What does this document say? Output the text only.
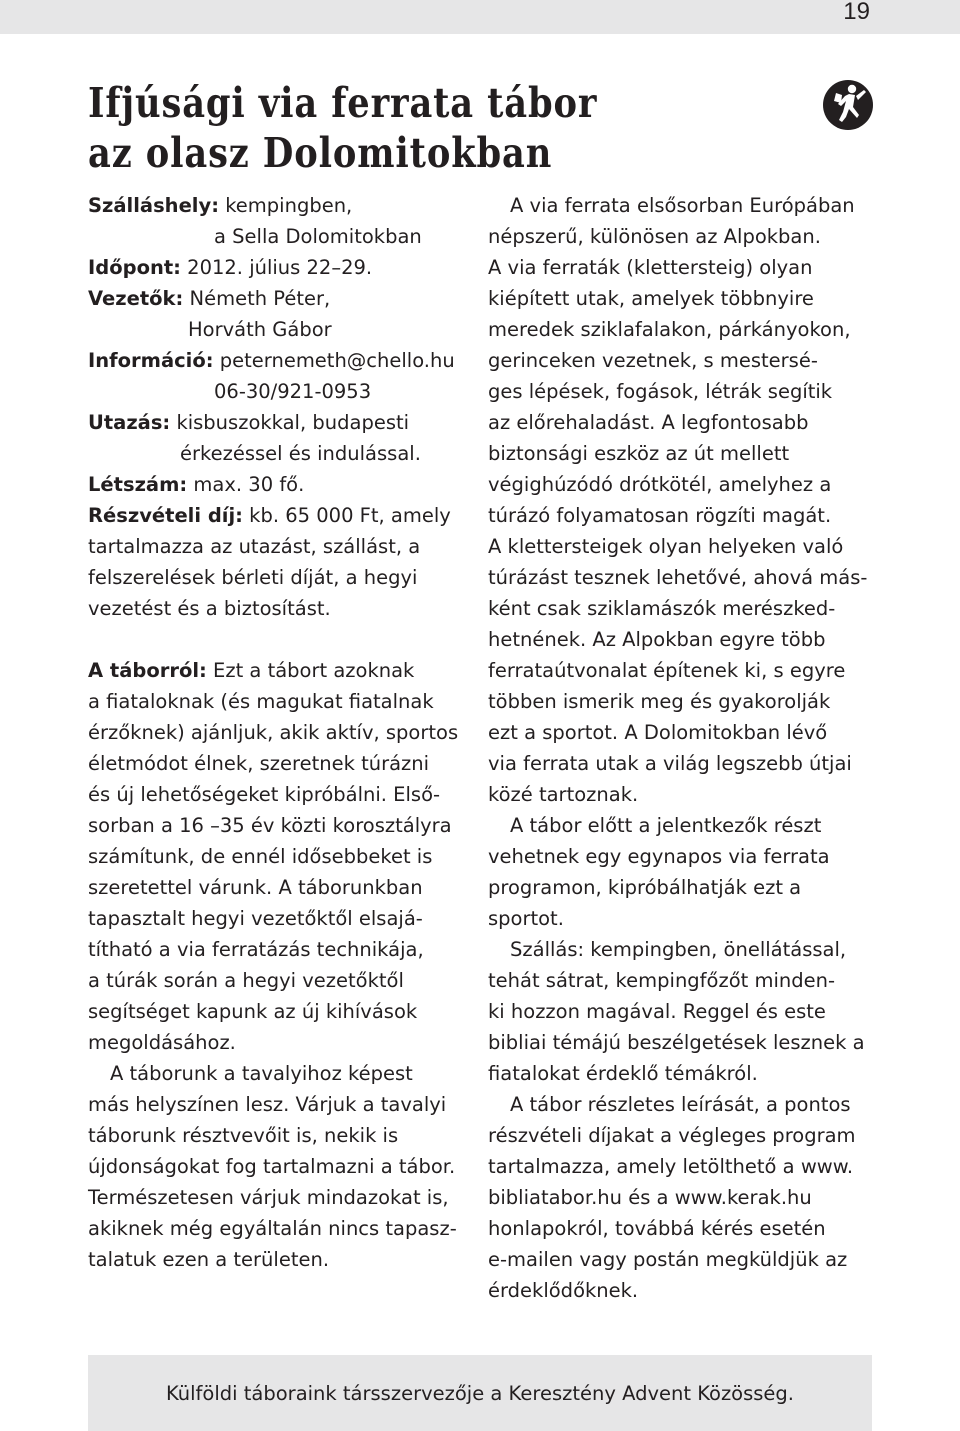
19
Ifjúsági via ferrata tábor
az olasz Dolomitokban
Szálláshely: kempingben,
a Sella Dolomitokban
Időpont: 2012. július 22–29.
Vezetők: Németh Péter,
Horváth Gábor
Információ: peternemeth@chello.hu
06-30/921-0953
Utazás: kisbuszokkal, budapesti
érkezéssel és indulással.
Létszám: max. 30 fő.
Részvételi díj: kb. 65 000 Ft, amely
tartalmazza az utazást, szállást, a
felszerelések bérleti díját, a hegyi
vezetést és a biztosítást.

A táborról: Ezt a tábort azoknak
a fiataloknak (és magukat fiatalnak
érzőknek) ajánljuk, akik aktív, sportos
életmódot élnek, szeretnek túrázni
és új lehetőségeket kipróbálni. Első-
sorban a 16 –35 év közti korosztályra
számítunk, de ennél idősebbeket is
szeretettel várunk. A táborunkban
tapasztalt hegyi vezetőktől elsajá-
títható a via ferratázás technikája,
a túrák során a hegyi vezetőktől
segítséget kapunk az új kihívások
megoldásához.

A táborunk a tavalyihoz képest
más helyszínen lesz. Várjuk a tavalyi
táborunk résztvevőit is, nekik is
újdonságokat fog tartalmazni a tábor.
Természetesen várjuk mindazokat is,
akiknek még egyáltalán nincs tapasz-
talatuk ezen a területen.

A via ferrata elsősorban Európában
népszerű, különösen az Alpokban.
A via ferraták (klettersteig) olyan
kiépített utak, amelyek többnyire
meredek sziklafalakon, párkányokon,
gerinceken vezetnek, s mestersé-
ges lépések, fogások, létrák segítik
az előrehaladást. A legfontosabb
biztonsági eszköz az út mellett
végighúzódó drótkötél, amelyhez a
túrázó folyamatosan rögzíti magát.
A klettersteigek olyan helyeken való
túrázást tesznek lehetővé, ahová más-
ként csak sziklamászók merészked-
hetnének. Az Alpokban egyre több
ferrataútvonalat építenek ki, s egyre
többen ismerik meg és gyakorolják
ezt a sportot. A Dolomitokban lévő
via ferrata utak a világ legszebb útjai
közé tartoznak.

A tábor előtt a jelentkezők részt
vehetnek egy egynapos via ferrata
programon, kipróbálhatják ezt a
sportot.

Szállás: kempingben, önellátással,
tehát sátrat, kempingfőzőt minden-
ki hozzon magával. Reggel és este
bibliai témájú beszélgetések lesznek a
fiatalokat érdeklő témákról.

A tábor részletes leírását, a pontos
részvételi díjakat a végleges program
tartalmazza, amely letölthető a www.
bibliatabor.hu és a www.kerak.hu
honlapokról, továbbá kérés esetén
e-mailen vagy postán megküldjük az
érdeklődőknek.

Külföldi táboraink társszervezője a Keresztény Advent Közösség.
